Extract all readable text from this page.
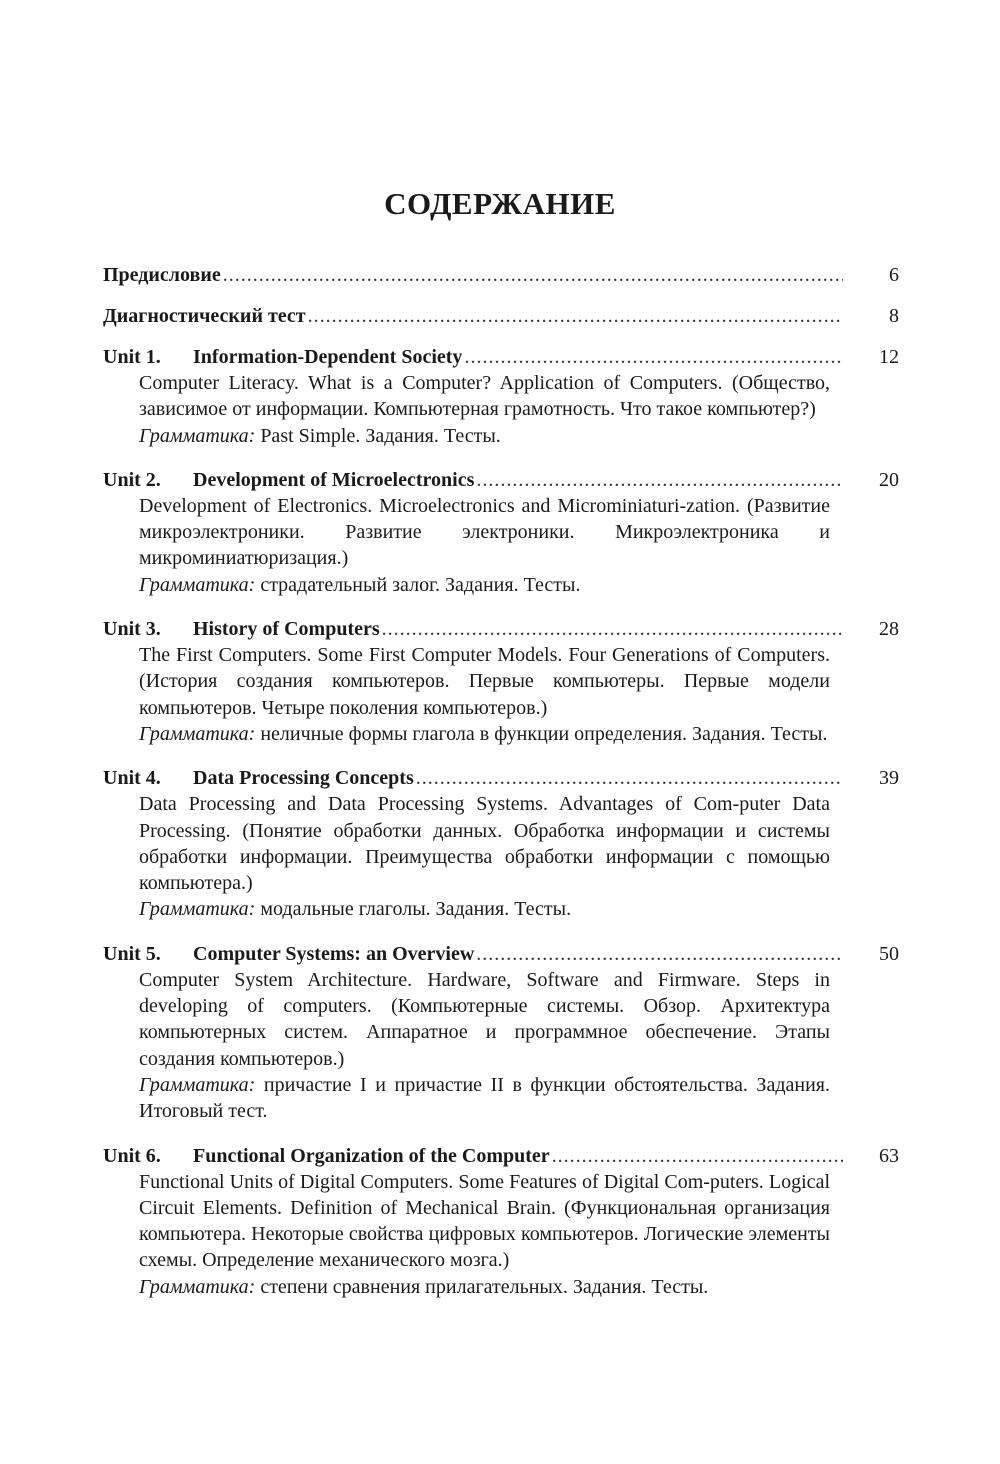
СОДЕРЖАНИЕ
Предисловие .....	6
Диагностический тест .....	8
Unit 1. Information-Dependent Society .....	12
Computer Literacy. What is a Computer? Application of Computers. (Общество, зависимое от информации. Компьютерная грамотность. Что такое компьютер?)
Грамматика: Past Simple. Задания. Тесты.
Unit 2. Development of Microelectronics .....	20
Development of Electronics. Microelectronics and Microminiaturi-zation. (Развитие микроэлектроники. Развитие электроники. Микроэлектроника и микроминиатюризация.)
Грамматика: страдательный залог. Задания. Тесты.
Unit 3. History of Computers .....	28
The First Computers. Some First Computer Models. Four Generations of Computers. (История создания компьютеров. Первые компьютеры. Первые модели компьютеров. Четыре поколения компьютеров.)
Грамматика: неличные формы глагола в функции определения. Задания. Тесты.
Unit 4. Data Processing Concepts .....	39
Data Processing and Data Processing Systems. Advantages of Com-puter Data Processing. (Понятие обработки данных. Обработка информации и системы обработки информации. Преимущества обработки информации с помощью компьютера.)
Грамматика: модальные глаголы. Задания. Тесты.
Unit 5. Computer Systems: an Overview .....	50
Computer System Architecture. Hardware, Software and Firmware. Steps in developing of computers. (Компьютерные системы. Обзор. Архитектура компьютерных систем. Аппаратное и программное обеспечение. Этапы создания компьютеров.)
Грамматика: причастие I и причастие II в функции обстоятельства. Задания. Итоговый тест.
Unit 6. Functional Organization of the Computer .....	63
Functional Units of Digital Computers. Some Features of Digital Com-puters. Logical Circuit Elements. Definition of Mechanical Brain. (Функциональная организация компьютера. Некоторые свойства цифровых компьютеров. Логические элементы схемы. Определение механического мозга.)
Грамматика: степени сравнения прилагательных. Задания. Тесты.
